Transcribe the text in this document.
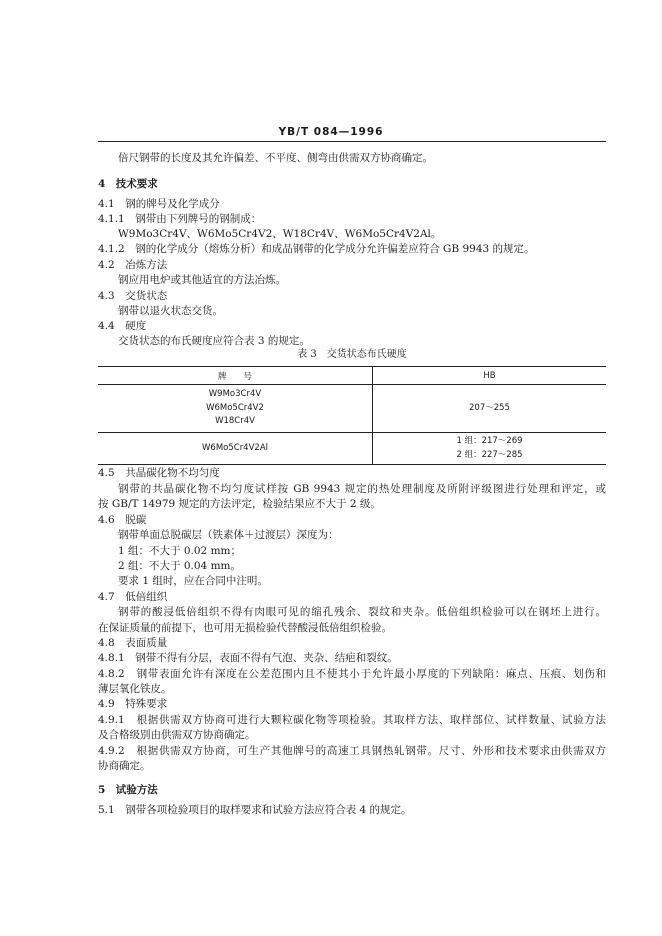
YB/T 084—1996
倍尺钢带的长度及其允许偏差、不平度、侧弯由供需双方协商确定。
4　技术要求
4.1　钢的牌号及化学成分
4.1.1　钢带由下列牌号的钢制成：
W9Mo3Cr4V、W6Mo5Cr4V2、W18Cr4V、W6Mo5Cr4V2Al。
4.1.2　钢的化学成分（熔炼分析）和成品钢带的化学成分允许偏差应符合 GB 9943 的规定。
4.2　冶炼方法
钢应用电炉或其他适宜的方法冶炼。
4.3　交货状态
钢带以退火状态交货。
4.4　硬度
交货状态的布氏硬度应符合表 3 的规定。
表 3　交货状态布氏硬度
牌　　号	HB

W9Mo3Cr4V
W6Mo5Cr4V2
W18Cr4V	207～255

W6Mo5Cr4V2Al	1 组：217～269
2 组：227～285
4.5　共晶碳化物不均匀度
钢带的共晶碳化物不均匀度试样按 GB 9943 规定的热处理制度及所附评级图进行处理和评定，或
按 GB/T 14979 规定的方法评定，检验结果应不大于 2 级。
4.6　脱碳
钢带单面总脱碳层（铁素体＋过渡层）深度为：
1 组：不大于 0.02 mm；
2 组：不大于 0.04 mm。
要求 1 组时，应在合同中注明。
4.7　低倍组织
钢带的酸浸低倍组织不得有肉眼可见的缩孔残余、裂纹和夹杂。低倍组织检验可以在钢坯上进行。
在保证质量的前提下，也可用无损检验代替酸浸低倍组织检验。
4.8　表面质量
4.8.1　钢带不得有分层，表面不得有气泡、夹杂、结疤和裂纹。
4.8.2　钢带表面允许有深度在公差范围内且不使其小于允许最小厚度的下列缺陷：麻点、压痕、划伤和
薄层氧化铁皮。
4.9　特殊要求
4.9.1　根据供需双方协商可进行大颗粒碳化物等项检验。其取样方法、取样部位、试样数量、试验方法
及合格级别由供需双方协商确定。
4.9.2　根据供需双方协商，可生产其他牌号的高速工具钢热轧钢带。尺寸、外形和技术要求由供需双方
协商确定。
5　试验方法
5.1　钢带各项检验项目的取样要求和试验方法应符合表 4 的规定。
